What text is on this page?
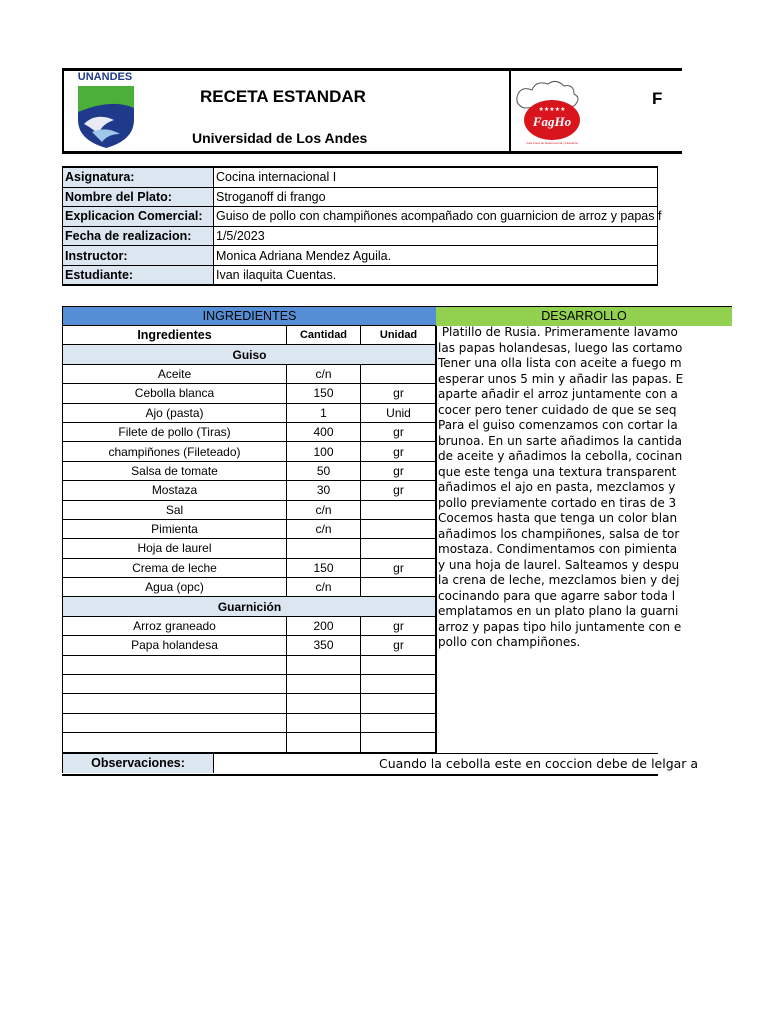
UNANDES
RECETA ESTANDAR
Universidad de Los Andes
★★★★★
FagHo
Fast Food de Gastronomía y Hotelería
F
Asignatura:	Cocina internacional I
Nombre del Plato:	Stroganoff di frango
Explicacion Comercial:	Guiso de pollo con champiñones acompañado con guarnicion de arroz y papas f
Fecha de realizacion:	1/5/2023
Instructor:	Monica Adriana Mendez Aguila.
Estudiante:	Ivan ilaquita Cuentas.
INGREDIENTES		
Ingredientes	Cantidad	Unidad
Guiso		
Aceite	c/n	
Cebolla blanca	150	gr
Ajo (pasta)	1	Unid
Filete de pollo (Tiras)	400	gr
champiñones (Fileteado)	100	gr
Salsa de tomate	50	gr
Mostaza	30	gr
Sal	c/n	
Pimienta	c/n	
Hoja de laurel		
Crema de leche	150	gr
Agua (opc)	c/n	
Guarnición		
Arroz graneado	200	gr
Papa holandesa	350	gr

DESARROLLO
Platillo de Rusia. Primeramente lavamo
las papas holandesas, luego las cortamo
Tener una olla lista con aceite a fuego m
esperar unos 5 min y añadir las papas. E
aparte añadir el arroz juntamente con a
cocer pero tener cuidado de que se seq
Para el guiso comenzamos con cortar la
brunoa. En un sarte añadimos la cantida
de aceite y añadimos la cebolla, cocinan
que este tenga una textura transparent
añadimos el ajo en pasta, mezclamos y
pollo previamente cortado en tiras de 3
Cocemos hasta que tenga un color blan
añadimos los champiñones, salsa de tor
mostaza. Condimentamos con pimienta
y una hoja de laurel. Salteamos y despu
la crena de leche, mezclamos bien y dej
cocinando para que agarre sabor toda l
emplatamos en un plato plano la guarni
arroz y papas tipo hilo juntamente con e
pollo con champiñones.
Observaciones:	Cuando la cebolla este en coccion debe de lelgar a
